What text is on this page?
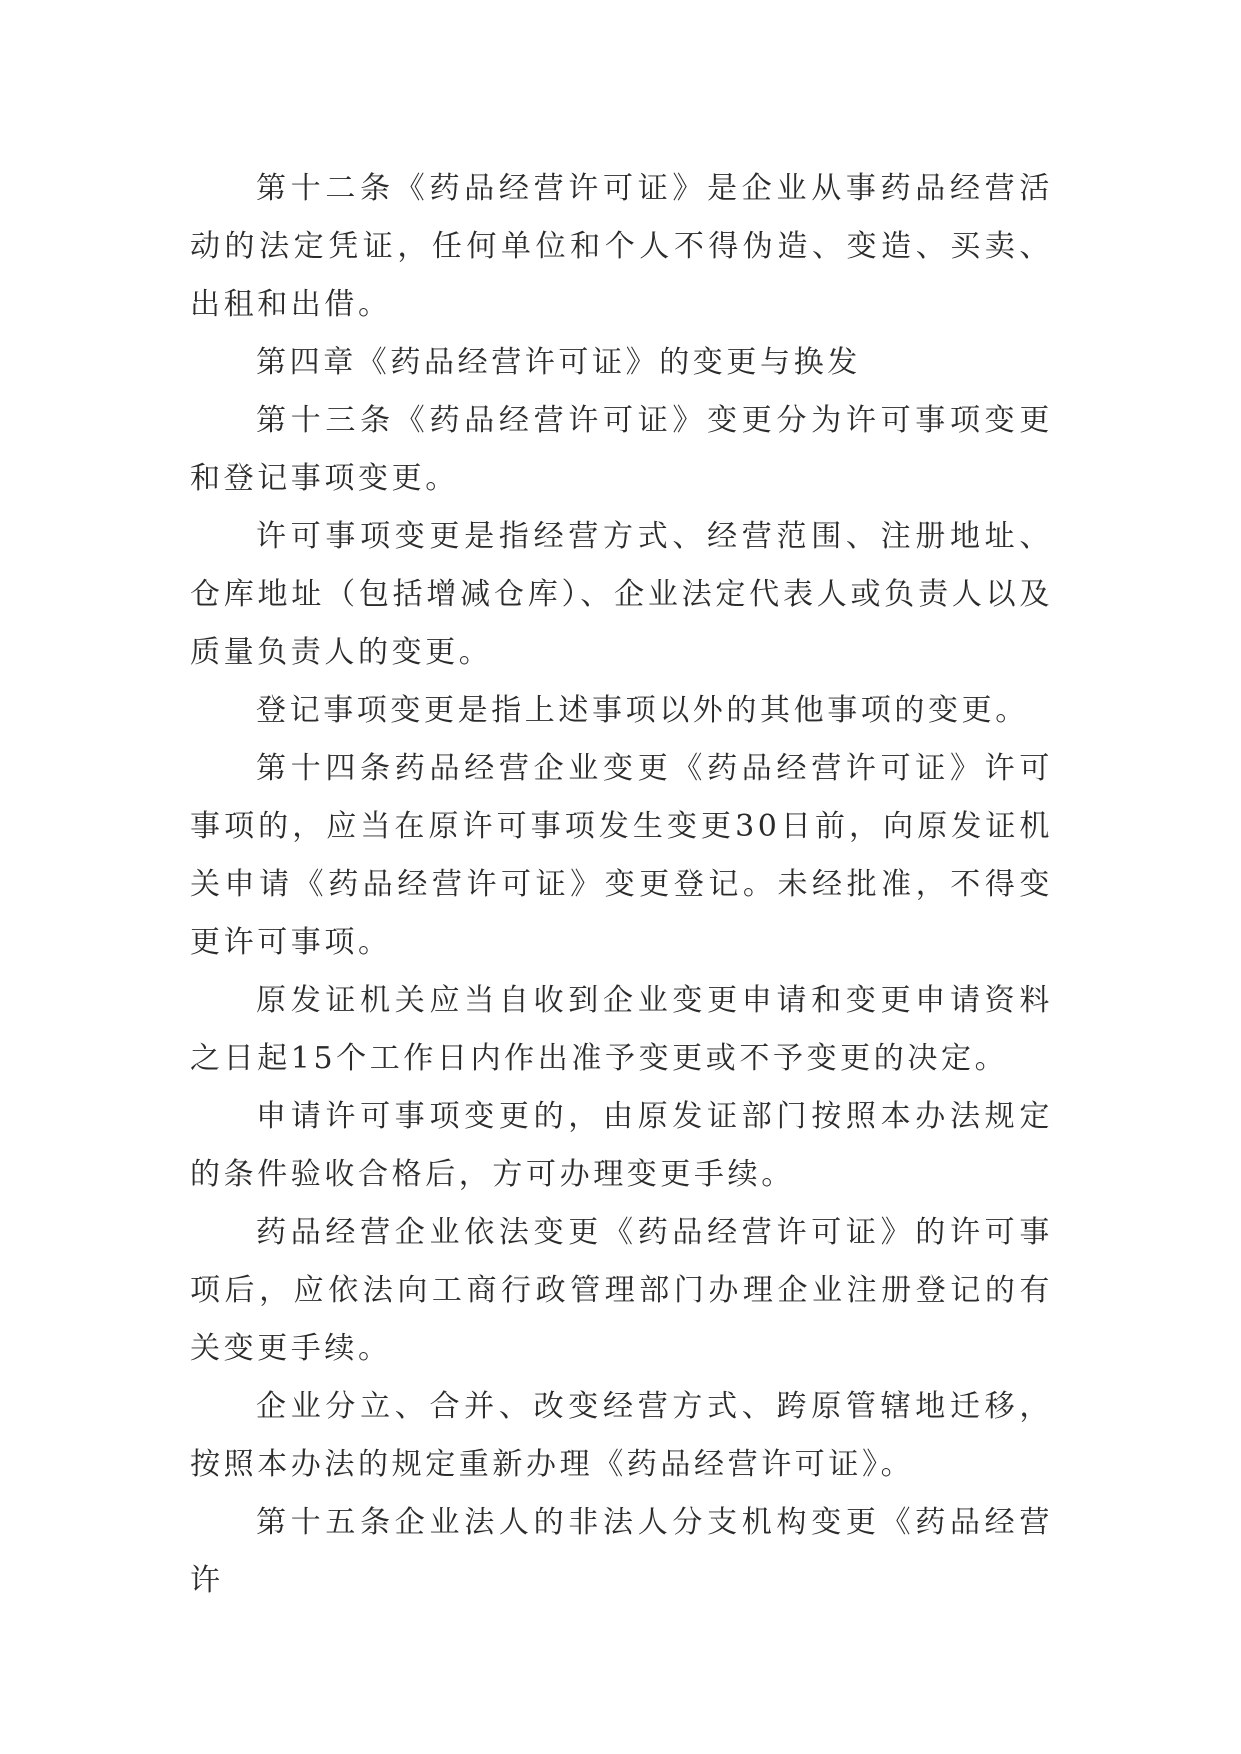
第十二条《药品经营许可证》是企业从事药品经营活动的法定凭证，任何单位和个人不得伪造、变造、买卖、出租和出借。

第四章《药品经营许可证》的变更与换发

第十三条《药品经营许可证》变更分为许可事项变更和登记事项变更。

许可事项变更是指经营方式、经营范围、注册地址、仓库地址（包括增减仓库）、企业法定代表人或负责人以及质量负责人的变更。

登记事项变更是指上述事项以外的其他事项的变更。

第十四条药品经营企业变更《药品经营许可证》许可事项的，应当在原许可事项发生变更30日前，向原发证机关申请《药品经营许可证》变更登记。未经批准，不得变更许可事项。

原发证机关应当自收到企业变更申请和变更申请资料之日起15个工作日内作出准予变更或不予变更的决定。

申请许可事项变更的，由原发证部门按照本办法规定的条件验收合格后，方可办理变更手续。

药品经营企业依法变更《药品经营许可证》的许可事项后，应依法向工商行政管理部门办理企业注册登记的有关变更手续。

企业分立、合并、改变经营方式、跨原管辖地迁移，按照本办法的规定重新办理《药品经营许可证》。

第十五条企业法人的非法人分支机构变更《药品经营许
